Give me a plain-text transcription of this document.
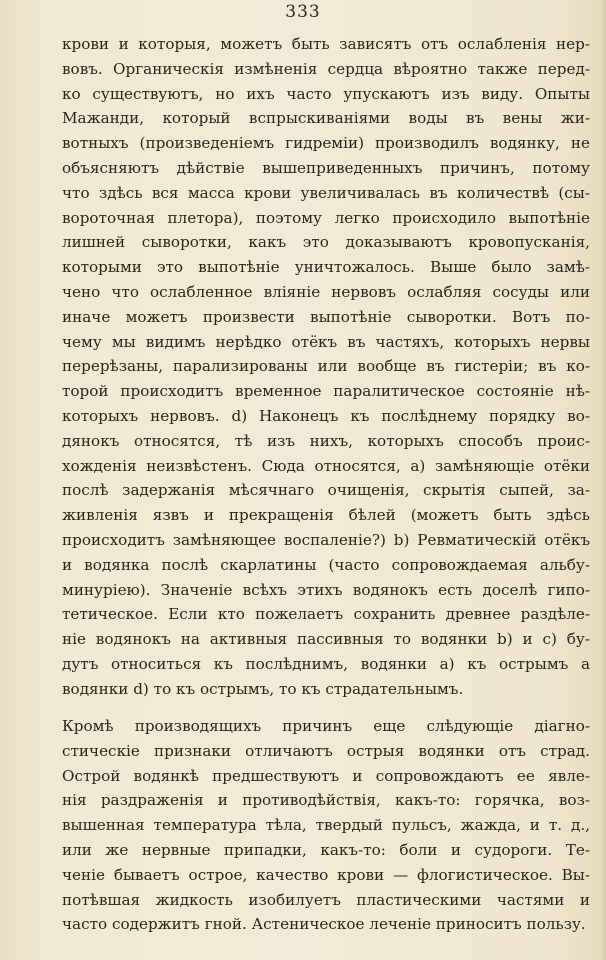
333
крови и которыя, можетъ быть зависятъ отъ ослабленія нер-
вовъ. Органическія измѣненія сердца вѣроятно также перед-
ко существуютъ, но ихъ часто упускаютъ изъ виду. Опыты
Мажанди, который вспрыскиваніями воды въ вены жи-
вотныхъ (произведеніемъ гидреміи) производилъ водянку, не
объясняютъ дѣйствіе вышеприведенныхъ причинъ, потому
что здѣсь вся масса крови увеличивалась въ количествѣ (сы-
вороточная плетора), поэтому легко происходило выпотѣніе
лишней сыворотки, какъ это доказываютъ кровопусканія,
которыми это выпотѣніе уничтожалось. Выше было замѣ-
чено что ослабленное вліяніе нервовъ ослабляя сосуды или
иначе можетъ произвести выпотѣніе сыворотки. Вотъ по-
чему мы видимъ нерѣдко отёкъ въ частяхъ, которыхъ нервы
перерѣзаны, парализированы или вообще въ гистеріи; въ ко-
торой происходитъ временное паралитическое состояніе нѣ-
которыхъ нервовъ. d) Наконецъ къ послѣднему порядку во-
дянокъ относятся, тѣ изъ нихъ, которыхъ способъ проис-
хожденія неизвѣстенъ. Сюда относятся, a) замѣняющіе отёки
послѣ задержанія мѣсячнаго очищенія, скрытія сыпей, за-
живленія язвъ и прекращенія бѣлей (можетъ быть здѣсь
происходитъ замѣняющее воспаленіе?) b) Ревматическій отёкъ
и водянка послѣ скарлатины (часто сопровождаемая альбу-
минуріею). Значеніе всѣхъ этихъ водянокъ есть доселѣ гипо-
тетическое. Если кто пожелаетъ сохранить древнее раздѣле-
ніе водянокъ на активныя пассивныя то водянки b) и c) бу-
дутъ относиться къ послѣднимъ, водянки a) къ острымъ a
водянки d) то къ острымъ, то къ страдательнымъ.
Кромѣ производящихъ причинъ еще слѣдующіе діагно-
стическіе признаки отличаютъ острыя водянки отъ страд.
Острой водянкѣ предшествуютъ и сопровождаютъ ее явле-
нія раздраженія и противодѣйствія, какъ-то: горячка, воз-
вышенная температура тѣла, твердый пульсъ, жажда, и т. д.,
или же нервные припадки, какъ-то: боли и судороги. Те-
ченіе бываетъ острое, качество крови — флогистическое. Вы-
потѣвшая жидкость изобилуетъ пластическими частями и
часто содержитъ гной. Астеническое леченіе приноситъ пользу.
